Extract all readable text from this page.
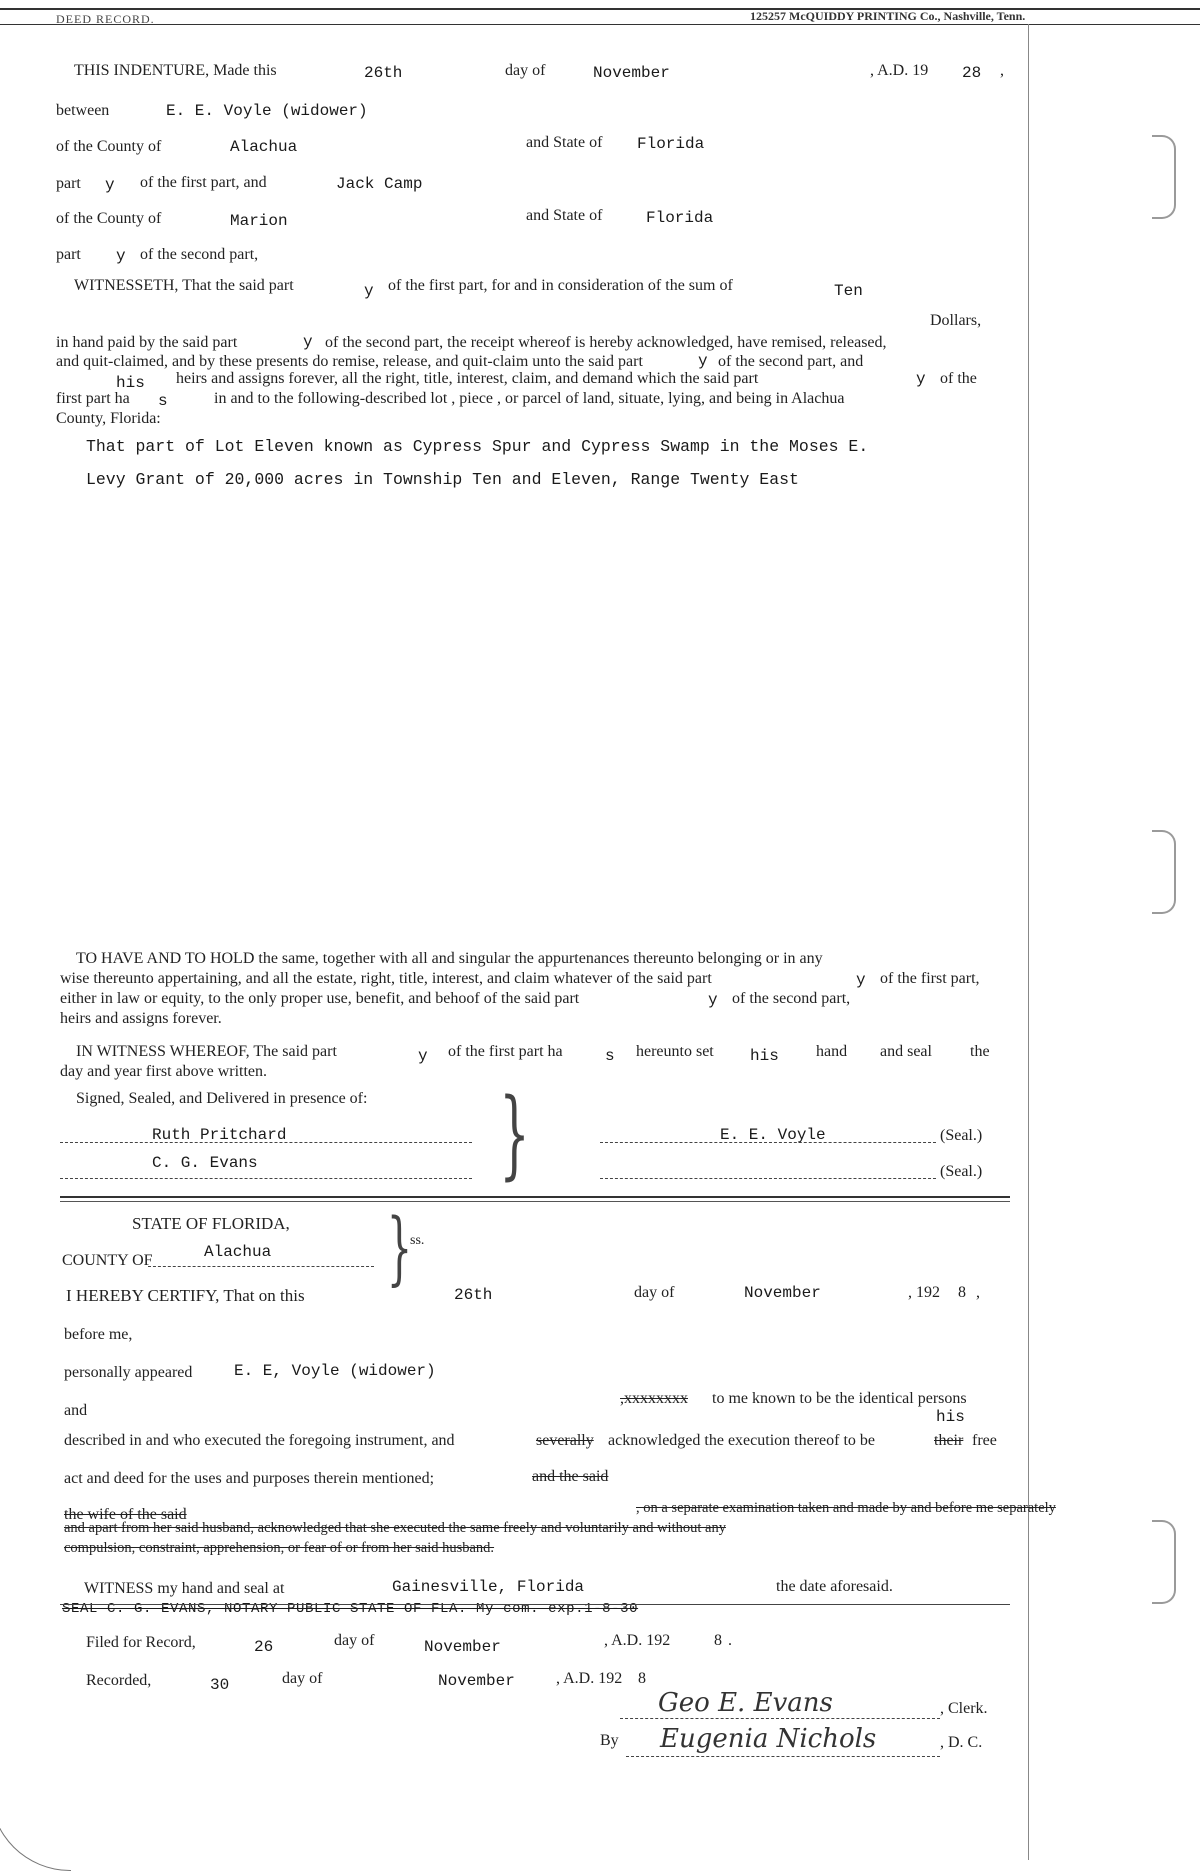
DEED RECORD.	125257 McQUIDDY PRINTING Co., Nashville, Tenn.
THIS INDENTURE, Made this	26th	day of	November	, A.D. 19 28 ,
between	E. E. Voyle (widower)
of the County of	Alachua	and State of Florida
part y of the first part, and	Jack Camp
of the County of	Marion	and State of	Florida
part y of the second part,
WITNESSETH, That the said part	y of the first part, for and in consideration of the sum of	Ten
Dollars,
in hand paid by the said part	y of the second part, the receipt whereof is hereby acknowledged, have remised, released,
and quit-claimed, and by these presents do remise, release, and quit-claim unto the said part	y of the second part, and
his heirs and assigns forever, all the right, title, interest, claim, and demand which the said part	y of the
first part ha s	in and to the following-described lot , piece , or parcel of land, situate, lying, and being in Alachua
County, Florida:
That part of Lot Eleven known as Cypress Spur and Cypress Swamp in the Moses E.
Levy Grant of 20,000 acres in Township Ten and Eleven, Range Twenty East
TO HAVE AND TO HOLD the same, together with all and singular the appurtenances thereunto belonging or in any
wise thereunto appertaining, and all the estate, right, title, interest, and claim whatever of the said part	y of the first part,
either in law or equity, to the only proper use, benefit, and behoof of the said part	y of the second part,
heirs and assigns forever.
IN WITNESS WHEREOF, The said part	y of the first part ha	s hereunto set his hand and seal the
day and year first above written.
Signed, Sealed, and Delivered in presence of: }
Ruth Pritchard
C. G. Evans
E. E. Voyle	(Seal.)
(Seal.)
STATE OF FLORIDA, }
ss.
COUNTY OF	Alachua
I HEREBY CERTIFY, That on this	26th	day of	November	, 192 8 ,
before me,
personally appeared	E. E, Voyle (widower)
and
,xxxxxxxx to me known to be the identical persons
his
described in and who executed the foregoing instrument, and	severally acknowledged the execution thereof to be	their free
act and deed for the uses and purposes therein mentioned;	and the said
the wife of the said	, on a separate examination taken and made by and before me separately
and apart from her said husband, acknowledged that she executed the same freely and voluntarily and without any
compulsion, constraint, apprehension, or fear of or from her said husband.
WITNESS my hand and seal at	Gainesville, Florida	the date aforesaid.
SEAL C. G. EVANS, NOTARY PUBLIC STATE OF FLA. My com. exp.1-8-30
Filed for Record,	26	day of	November	, A.D. 192	8 .
Recorded,	30	day of	November	, A.D. 192 8
Geo E. Evans	, Clerk.
By Eugenia Nichols	, D. C.
